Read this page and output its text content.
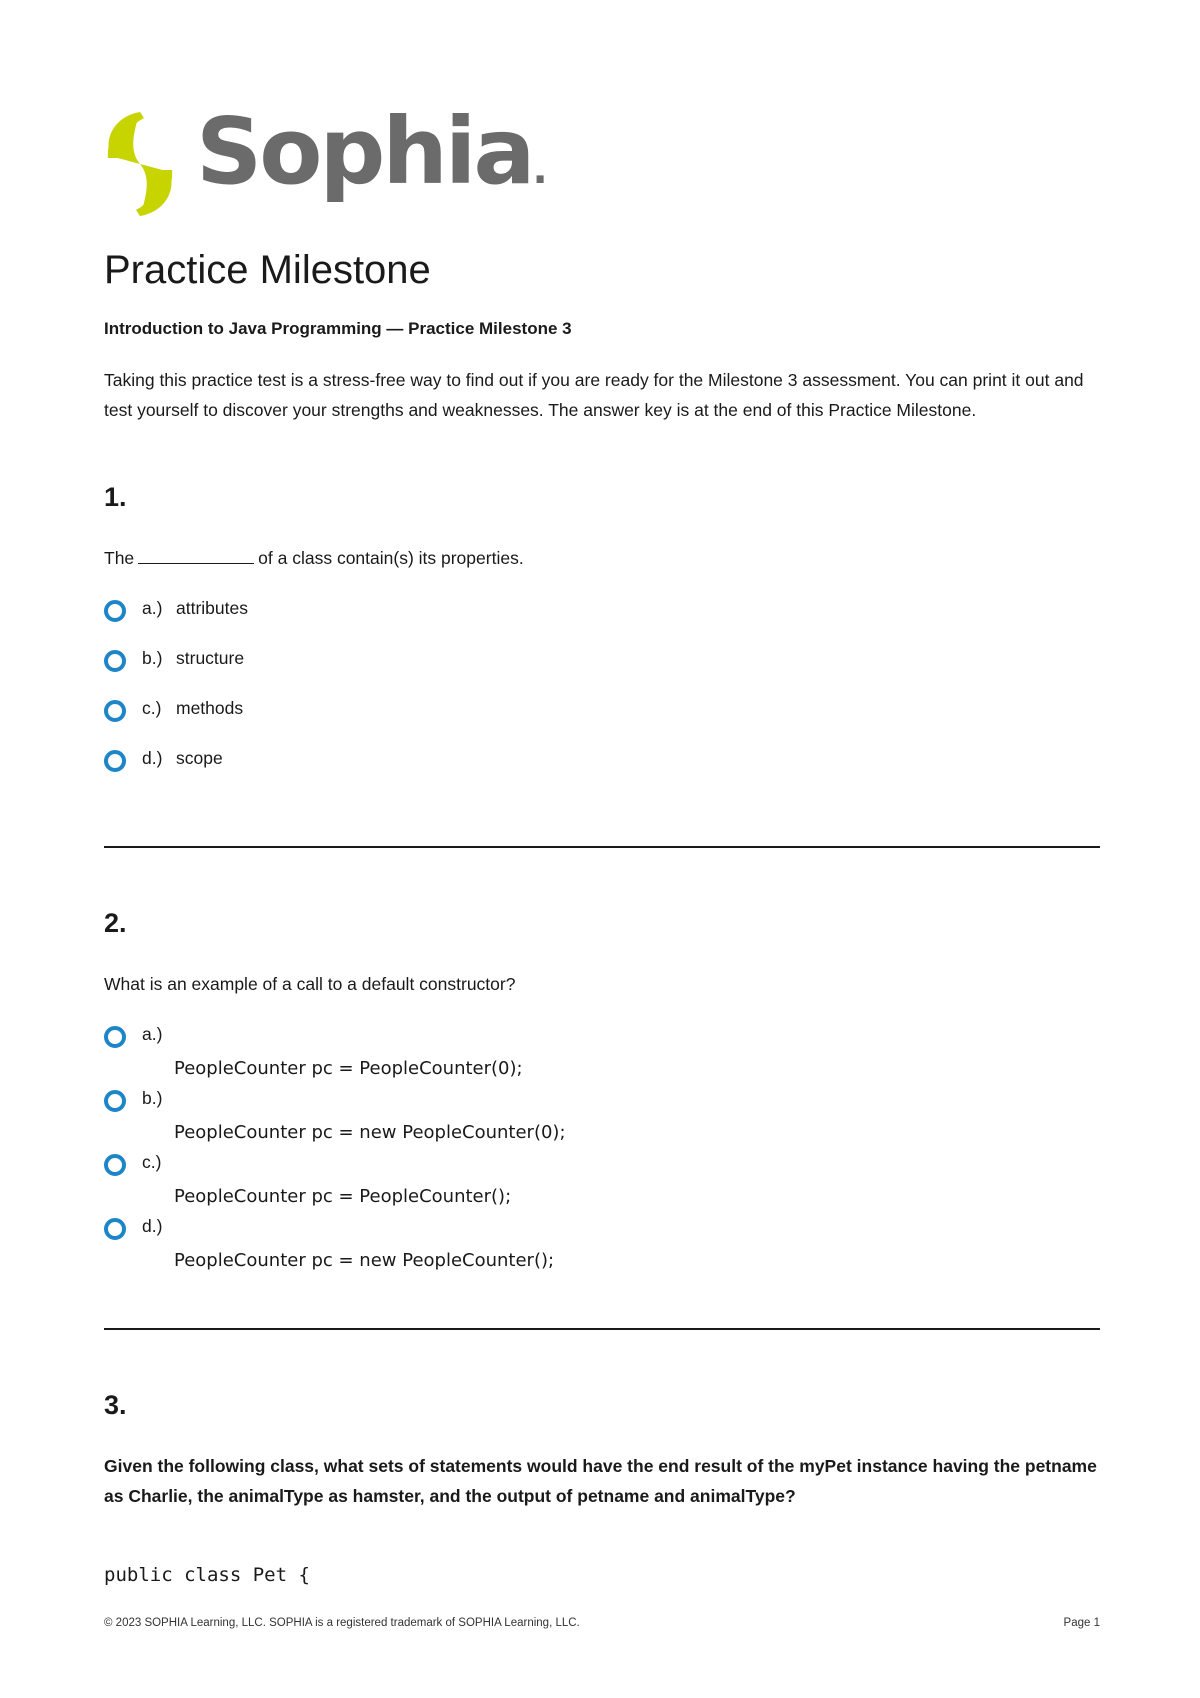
Sophia.
Practice Milestone
Introduction to Java Programming — Practice Milestone 3
Taking this practice test is a stress-free way to find out if you are ready for the Milestone 3 assessment. You can print it out and test yourself to discover your strengths and weaknesses. The answer key is at the end of this Practice Milestone.
1.
The	of a class contain(s) its properties.
a.) attributes
b.) structure
c.) methods
d.) scope
2.
What is an example of a call to a default constructor?
a.)
PeopleCounter pc = PeopleCounter(0);
b.)
PeopleCounter pc = new PeopleCounter(0);
c.)
PeopleCounter pc = PeopleCounter();
d.)
PeopleCounter pc = new PeopleCounter();
3.
Given the following class, what sets of statements would have the end result of the myPet instance having the petname as Charlie, the animalType as hamster, and the output of petname and animalType?
public class Pet {
© 2023 SOPHIA Learning, LLC. SOPHIA is a registered trademark of SOPHIA Learning, LLC.	Page 1
